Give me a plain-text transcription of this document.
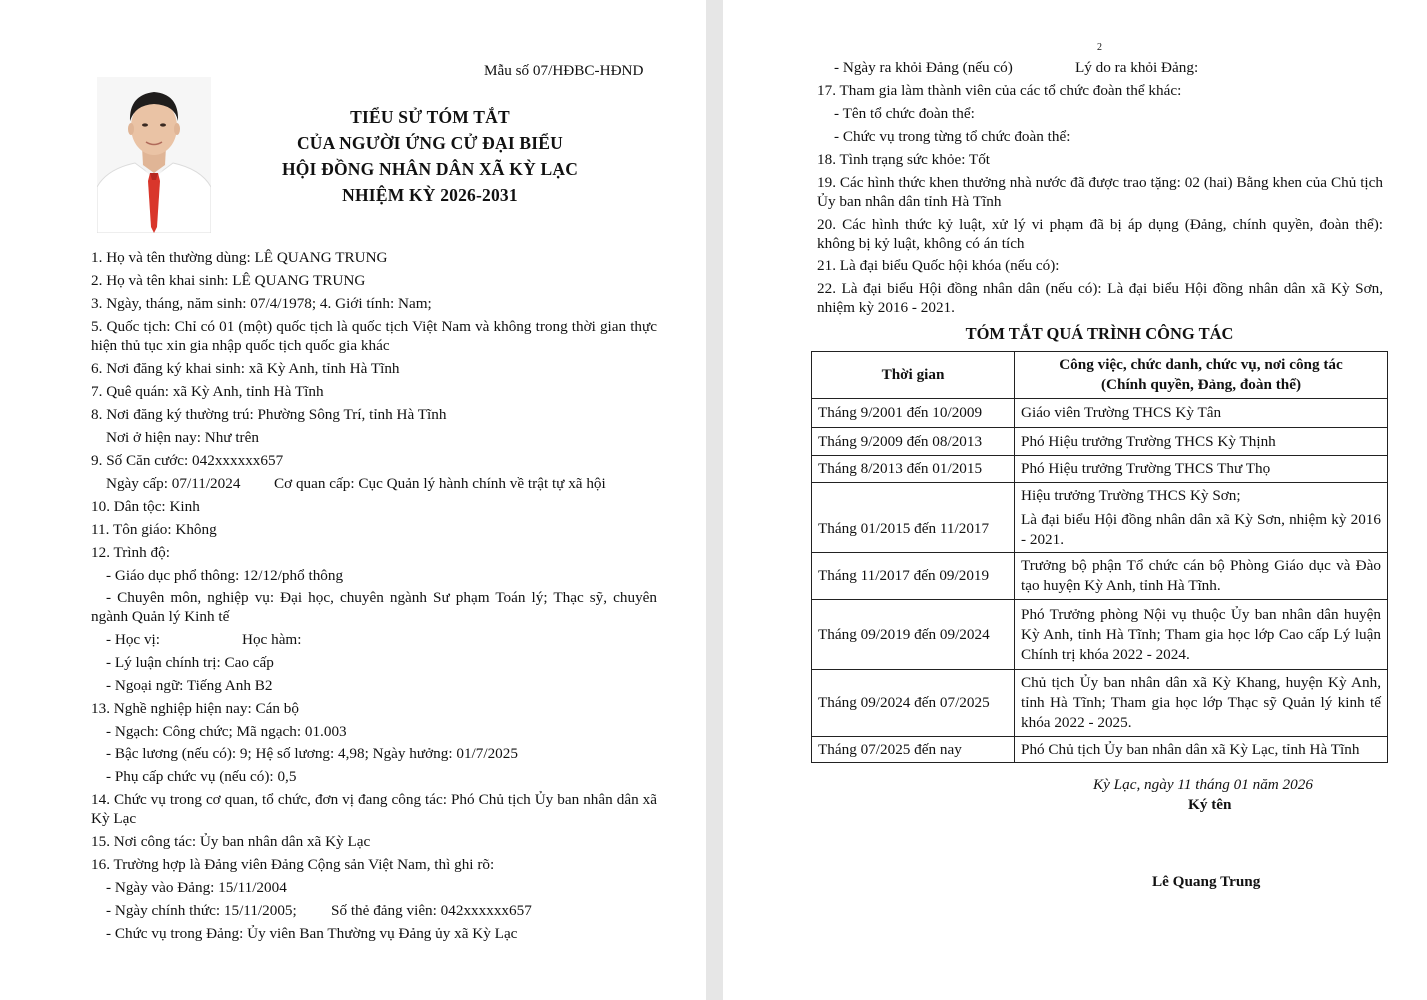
Mẫu số 07/HĐBC-HĐND
TIỂU SỬ TÓM TẮT
CỦA NGƯỜI ỨNG CỬ ĐẠI BIỂU
HỘI ĐỒNG NHÂN DÂN XÃ KỲ LẠC
NHIỆM KỲ 2026-2031
1. Họ và tên thường dùng: LÊ QUANG TRUNG
2. Họ và tên khai sinh: LÊ QUANG TRUNG
3. Ngày, tháng, năm sinh: 07/4/1978; 4. Giới tính: Nam;
5. Quốc tịch: Chỉ có 01 (một) quốc tịch là quốc tịch Việt Nam và không trong thời gian thực hiện thủ tục xin gia nhập quốc tịch quốc gia khác
6. Nơi đăng ký khai sinh: xã Kỳ Anh, tỉnh Hà Tĩnh
7. Quê quán: xã Kỳ Anh, tỉnh Hà Tĩnh
8. Nơi đăng ký thường trú: Phường Sông Trí, tỉnh Hà Tĩnh
Nơi ở hiện nay: Như trên
9. Số Căn cước: 042xxxxxx657
Ngày cấp: 07/11/2024 Cơ quan cấp: Cục Quản lý hành chính về trật tự xã hội
10. Dân tộc: Kinh
11. Tôn giáo: Không
12. Trình độ:
- Giáo dục phổ thông: 12/12/phổ thông
- Chuyên môn, nghiệp vụ: Đại học, chuyên ngành Sư phạm Toán lý; Thạc sỹ, chuyên ngành Quản lý Kinh tế
- Học vị:	Học hàm:
- Lý luận chính trị: Cao cấp
- Ngoại ngữ: Tiếng Anh B2
13. Nghề nghiệp hiện nay: Cán bộ
- Ngạch: Công chức; Mã ngạch: 01.003
- Bậc lương (nếu có): 9; Hệ số lương: 4,98; Ngày hưởng: 01/7/2025
- Phụ cấp chức vụ (nếu có): 0,5
14. Chức vụ trong cơ quan, tổ chức, đơn vị đang công tác: Phó Chủ tịch Ủy ban nhân dân xã Kỳ Lạc
15. Nơi công tác: Ủy ban nhân dân xã Kỳ Lạc
16. Trường hợp là Đảng viên Đảng Cộng sản Việt Nam, thì ghi rõ:
- Ngày vào Đảng: 15/11/2004
- Ngày chính thức: 15/11/2005; Số thẻ đảng viên: 042xxxxxx657
- Chức vụ trong Đảng: Ủy viên Ban Thường vụ Đảng ủy xã Kỳ Lạc
2
- Ngày ra khỏi Đảng (nếu có)	Lý do ra khỏi Đảng:
17. Tham gia làm thành viên của các tổ chức đoàn thể khác:
- Tên tổ chức đoàn thể:
- Chức vụ trong từng tổ chức đoàn thể:
18. Tình trạng sức khỏe: Tốt
19. Các hình thức khen thưởng nhà nước đã được trao tặng: 02 (hai) Bằng khen của Chủ tịch Ủy ban nhân dân tỉnh Hà Tĩnh
20. Các hình thức kỷ luật, xử lý vi phạm đã bị áp dụng (Đảng, chính quyền, đoàn thể): không bị kỷ luật, không có án tích
21. Là đại biểu Quốc hội khóa (nếu có):
22. Là đại biểu Hội đồng nhân dân (nếu có): Là đại biểu Hội đồng nhân dân xã Kỳ Sơn, nhiệm kỳ 2016 - 2021.
TÓM TẮT QUÁ TRÌNH CÔNG TÁC
Thời gian	Công việc, chức danh, chức vụ, nơi công tác
(Chính quyền, Đảng, đoàn thể)

Tháng 9/2001 đến 10/2009	Giáo viên Trường THCS Kỳ Tân
Tháng 9/2009 đến 08/2013	Phó Hiệu trưởng Trường THCS Kỳ Thịnh
Tháng 8/2013 đến 01/2015	Phó Hiệu trưởng Trường THCS Thư Thọ
Tháng 01/2015 đến 11/2017	Hiệu trưởng Trường THCS Kỳ Sơn;
Là đại biểu Hội đồng nhân dân xã Kỳ Sơn, nhiệm kỳ 2016 - 2021.

Tháng 11/2017 đến 09/2019	Trưởng bộ phận Tổ chức cán bộ Phòng Giáo dục và Đào tạo huyện Kỳ Anh, tỉnh Hà Tĩnh.
Tháng 09/2019 đến 09/2024	Phó Trưởng phòng Nội vụ thuộc Ủy ban nhân dân huyện Kỳ Anh, tỉnh Hà Tĩnh; Tham gia học lớp Cao cấp Lý luận Chính trị khóa 2022 - 2024.
Tháng 09/2024 đến 07/2025	Chủ tịch Ủy ban nhân dân xã Kỳ Khang, huyện Kỳ Anh, tỉnh Hà Tĩnh; Tham gia học lớp Thạc sỹ Quản lý kinh tế khóa 2022 - 2025.
Tháng 07/2025 đến nay	Phó Chủ tịch Ủy ban nhân dân xã Kỳ Lạc, tỉnh Hà Tĩnh
Kỳ Lạc, ngày 11 tháng 01 năm 2026
Ký tên
Lê Quang Trung
